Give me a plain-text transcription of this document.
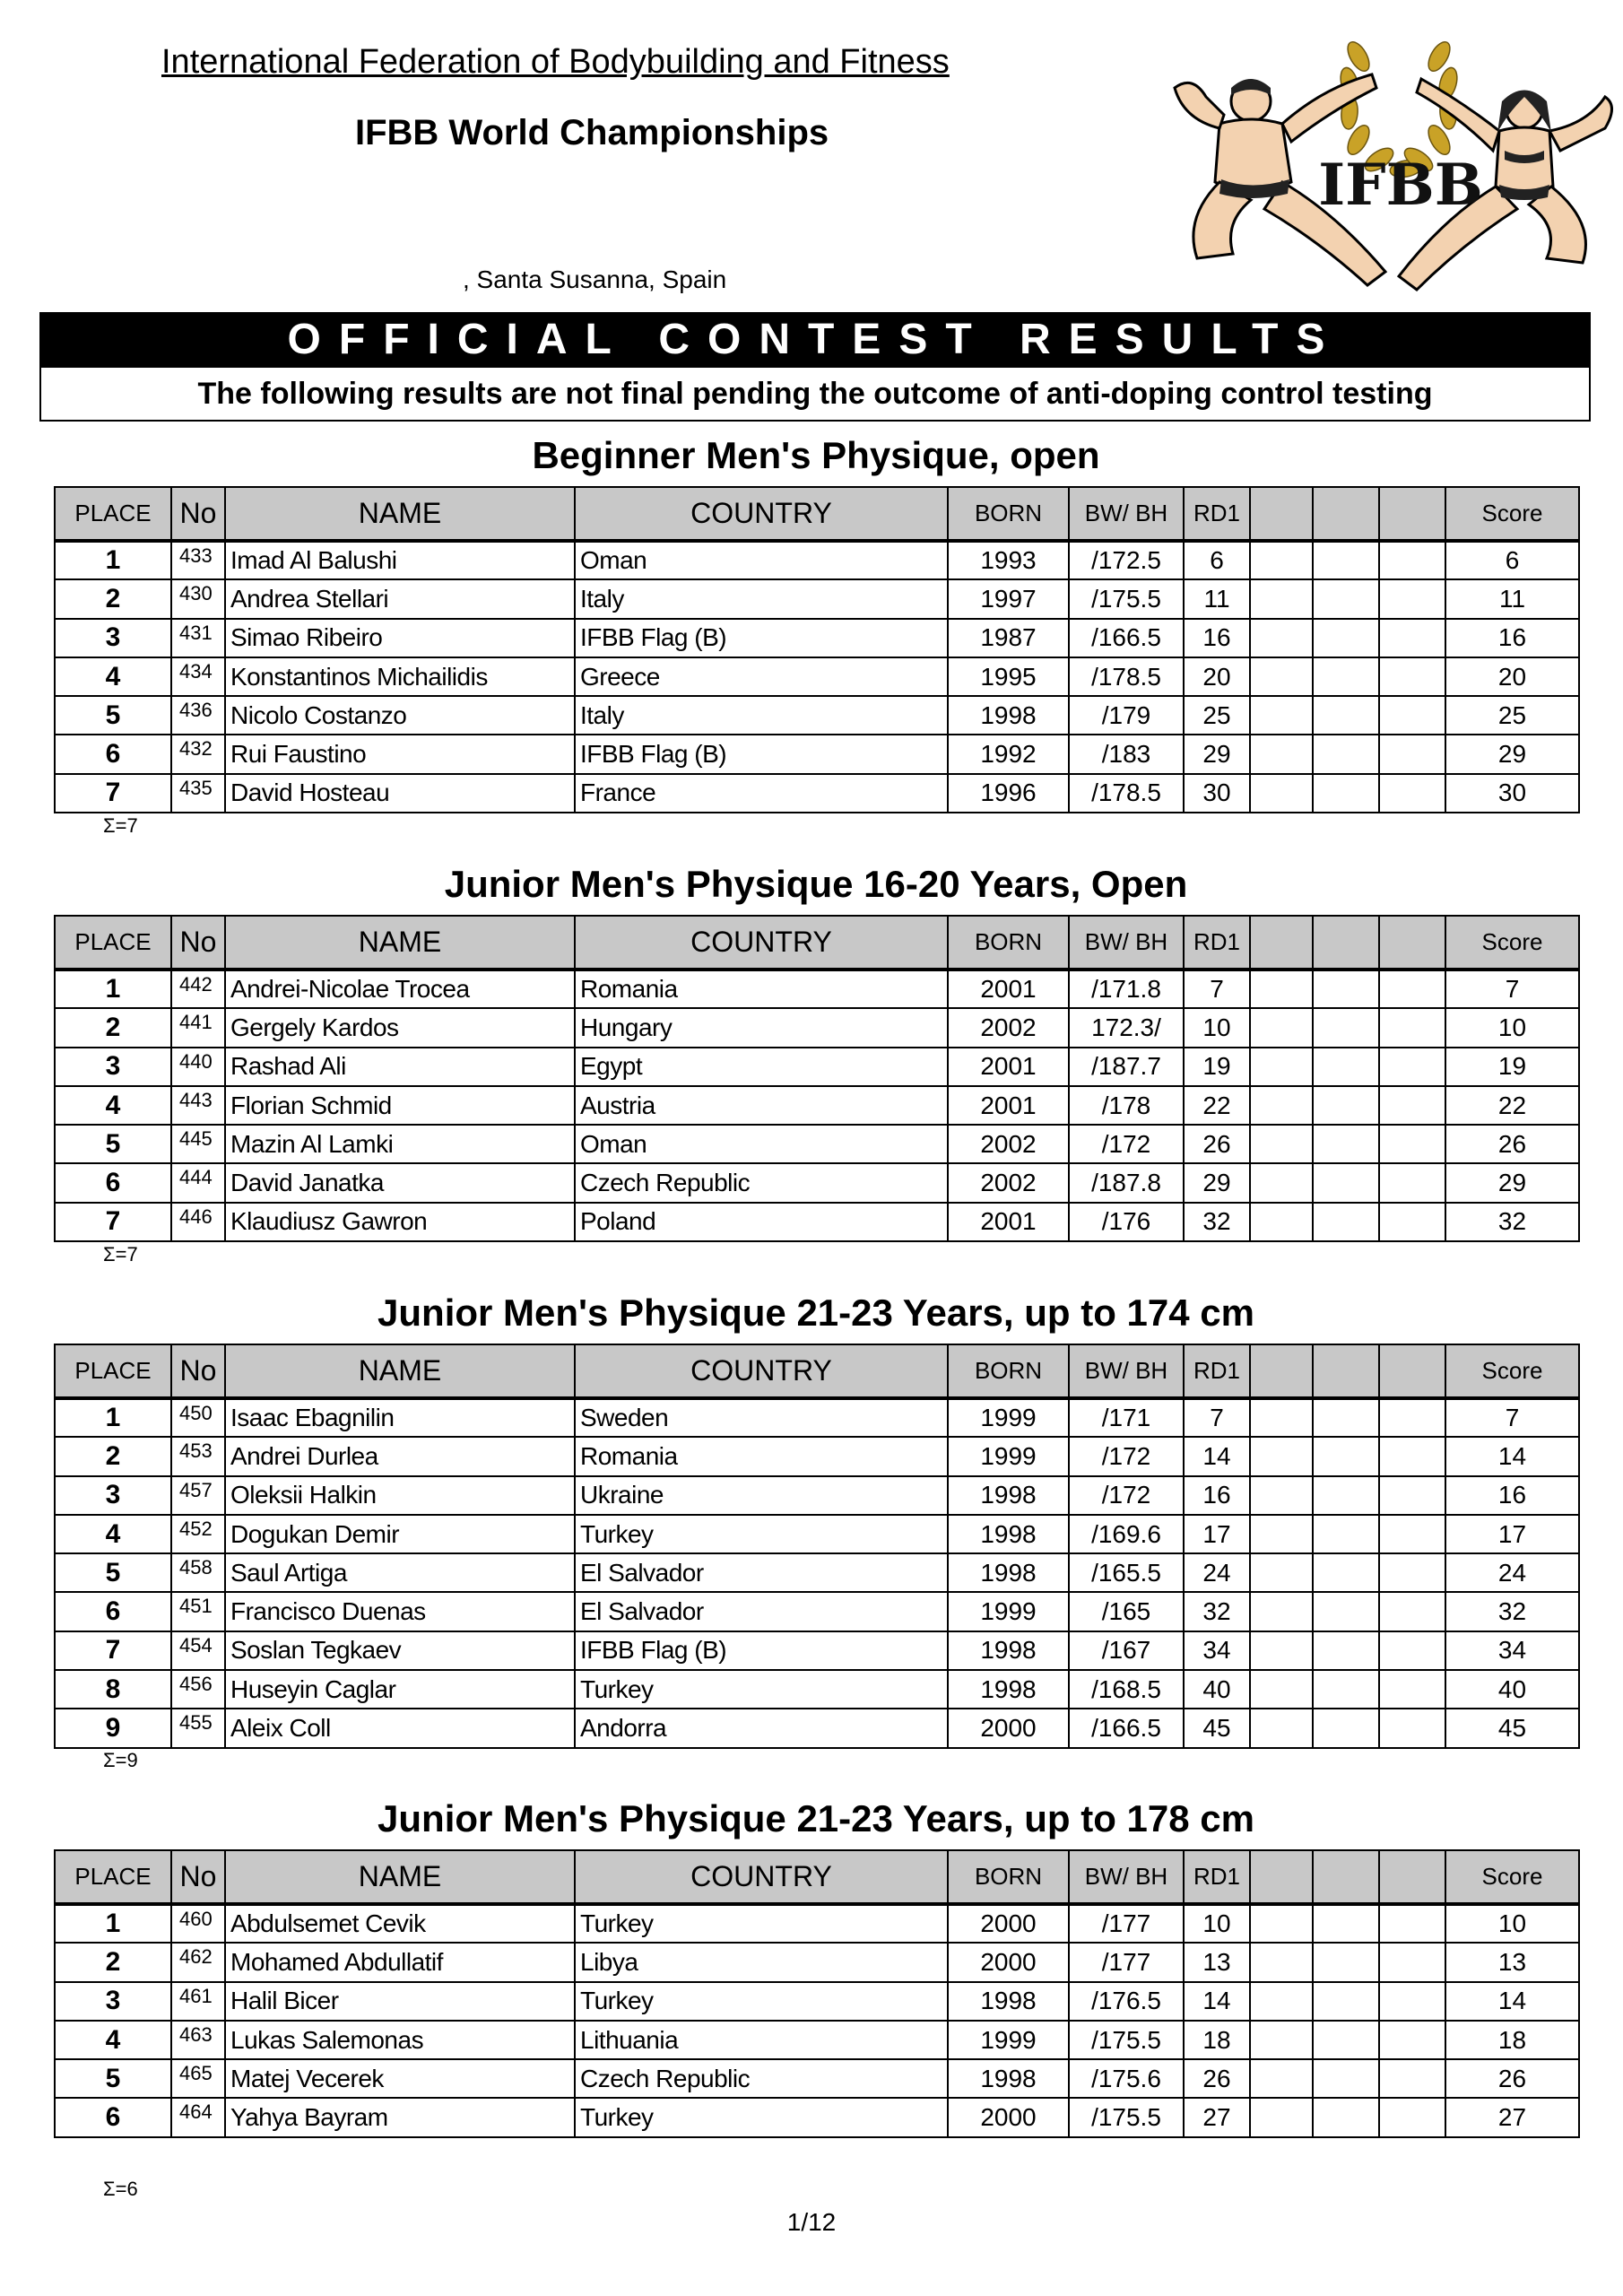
International Federation of Bodybuilding and Fitness
IFBB World Championships
, Santa Susanna, Spain
IFBB
OFFICIAL CONTEST RESULTS
The following results are not final pending the outcome of anti-doping control testing
Beginner Men's Physique, open
PLACE	No	NAME	COUNTRY	BORN	BW/ BH	RD1				Score
1	433	Imad Al Balushi	Oman	1993	/172.5	6				6
2	430	Andrea Stellari	Italy	1997	/175.5	11				11
3	431	Simao Ribeiro	IFBB Flag (B)	1987	/166.5	16				16
4	434	Konstantinos Michailidis	Greece	1995	/178.5	20				20
5	436	Nicolo Costanzo	Italy	1998	/179	25				25
6	432	Rui Faustino	IFBB Flag (B)	1992	/183	29				29
7	435	David Hosteau	France	1996	/178.5	30				30
Σ=7
Junior Men's Physique 16-20 Years, Open
PLACE	No	NAME	COUNTRY	BORN	BW/ BH	RD1				Score
1	442	Andrei-Nicolae Trocea	Romania	2001	/171.8	7				7
2	441	Gergely Kardos	Hungary	2002	172.3/	10				10
3	440	Rashad Ali	Egypt	2001	/187.7	19				19
4	443	Florian Schmid	Austria	2001	/178	22				22
5	445	Mazin Al Lamki	Oman	2002	/172	26				26
6	444	David Janatka	Czech Republic	2002	/187.8	29				29
7	446	Klaudiusz Gawron	Poland	2001	/176	32				32
Σ=7
Junior Men's Physique 21-23 Years, up to 174 cm
PLACE	No	NAME	COUNTRY	BORN	BW/ BH	RD1				Score
1	450	Isaac Ebagnilin	Sweden	1999	/171	7				7
2	453	Andrei Durlea	Romania	1999	/172	14				14
3	457	Oleksii Halkin	Ukraine	1998	/172	16				16
4	452	Dogukan Demir	Turkey	1998	/169.6	17				17
5	458	Saul Artiga	El Salvador	1998	/165.5	24				24
6	451	Francisco Duenas	El Salvador	1999	/165	32				32
7	454	Soslan Tegkaev	IFBB Flag (B)	1998	/167	34				34
8	456	Huseyin Caglar	Turkey	1998	/168.5	40				40
9	455	Aleix Coll	Andorra	2000	/166.5	45				45
Σ=9
Junior Men's Physique 21-23 Years, up to 178 cm
PLACE	No	NAME	COUNTRY	BORN	BW/ BH	RD1				Score
1	460	Abdulsemet Cevik	Turkey	2000	/177	10				10
2	462	Mohamed Abdullatif	Libya	2000	/177	13				13
3	461	Halil Bicer	Turkey	1998	/176.5	14				14
4	463	Lukas Salemonas	Lithuania	1999	/175.5	18				18
5	465	Matej Vecerek	Czech Republic	1998	/175.6	26				26
6	464	Yahya Bayram	Turkey	2000	/175.5	27				27
Σ=6
1/12
